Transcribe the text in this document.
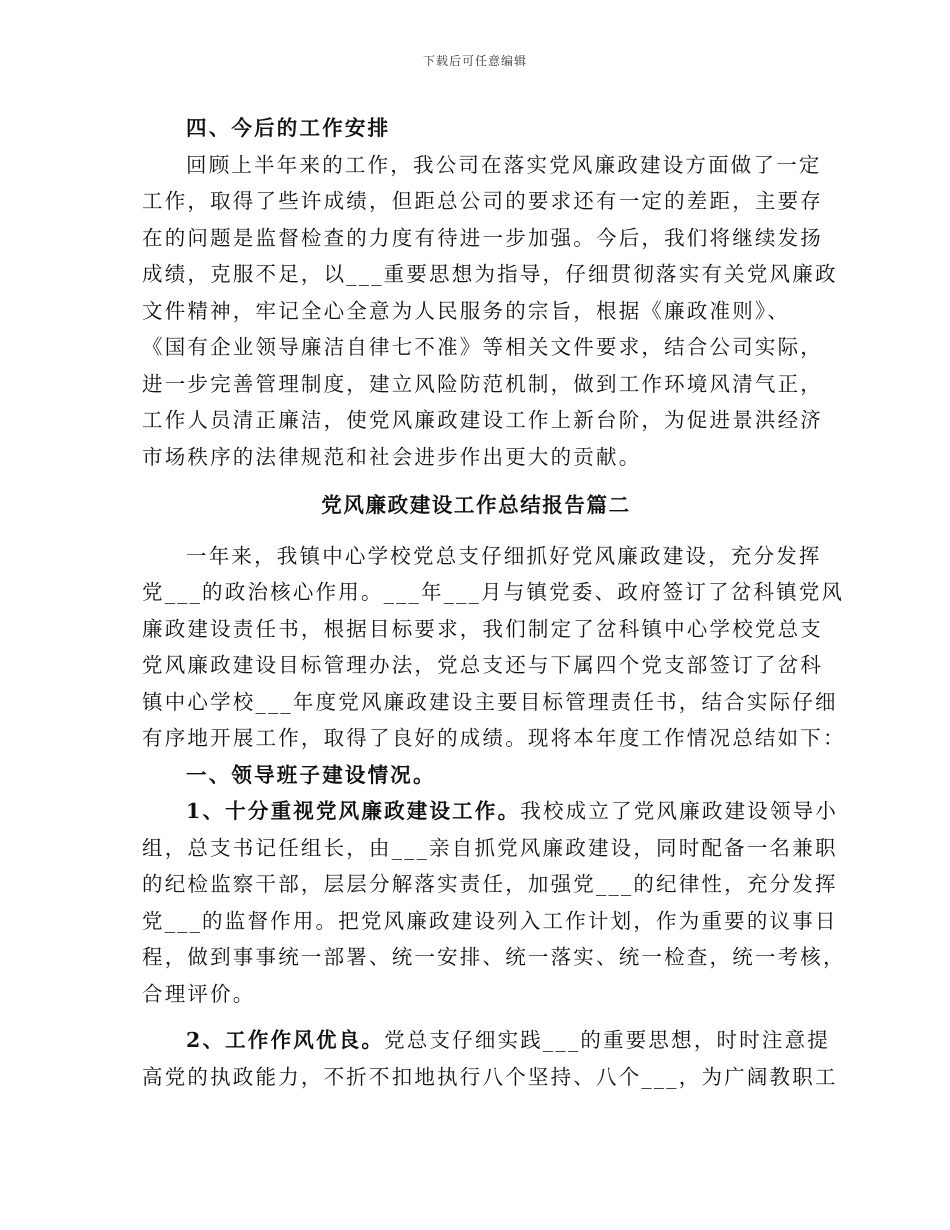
下载后可任意编辑
四、今后的工作安排
回顾上半年来的工作，我公司在落实党风廉政建设方面做了一定
工作，取得了些许成绩，但距总公司的要求还有一定的差距，主要存
在的问题是监督检查的力度有待进一步加强。今后，我们将继续发扬
成绩，克服不足，以___重要思想为指导，仔细贯彻落实有关党风廉政
文件精神，牢记全心全意为人民服务的宗旨，根据《廉政准则》、
《国有企业领导廉洁自律七不准》等相关文件要求，结合公司实际，
进一步完善管理制度，建立风险防范机制，做到工作环境风清气正，
工作人员清正廉洁，使党风廉政建设工作上新台阶，为促进景洪经济
市场秩序的法律规范和社会进步作出更大的贡献。
党风廉政建设工作总结报告篇二
一年来，我镇中心学校党总支仔细抓好党风廉政建设，充分发挥
党___的政治核心作用。___年___月与镇党委、政府签订了岔科镇党风
廉政建设责任书，根据目标要求，我们制定了岔科镇中心学校党总支
党风廉政建设目标管理办法，党总支还与下属四个党支部签订了岔科
镇中心学校___年度党风廉政建设主要目标管理责任书，结合实际仔细
有序地开展工作，取得了良好的成绩。现将本年度工作情况总结如下：
一、领导班子建设情况。
1、十分重视党风廉政建设工作。我校成立了党风廉政建设领导小
组，总支书记任组长，由___亲自抓党风廉政建设，同时配备一名兼职
的纪检监察干部，层层分解落实责任，加强党___的纪律性，充分发挥
党___的监督作用。把党风廉政建设列入工作计划，作为重要的议事日
程，做到事事统一部署、统一安排、统一落实、统一检查，统一考核，
合理评价。
2、工作作风优良。党总支仔细实践___的重要思想，时时注意提
高党的执政能力，不折不扣地执行八个坚持、八个___，为广阔教职工
